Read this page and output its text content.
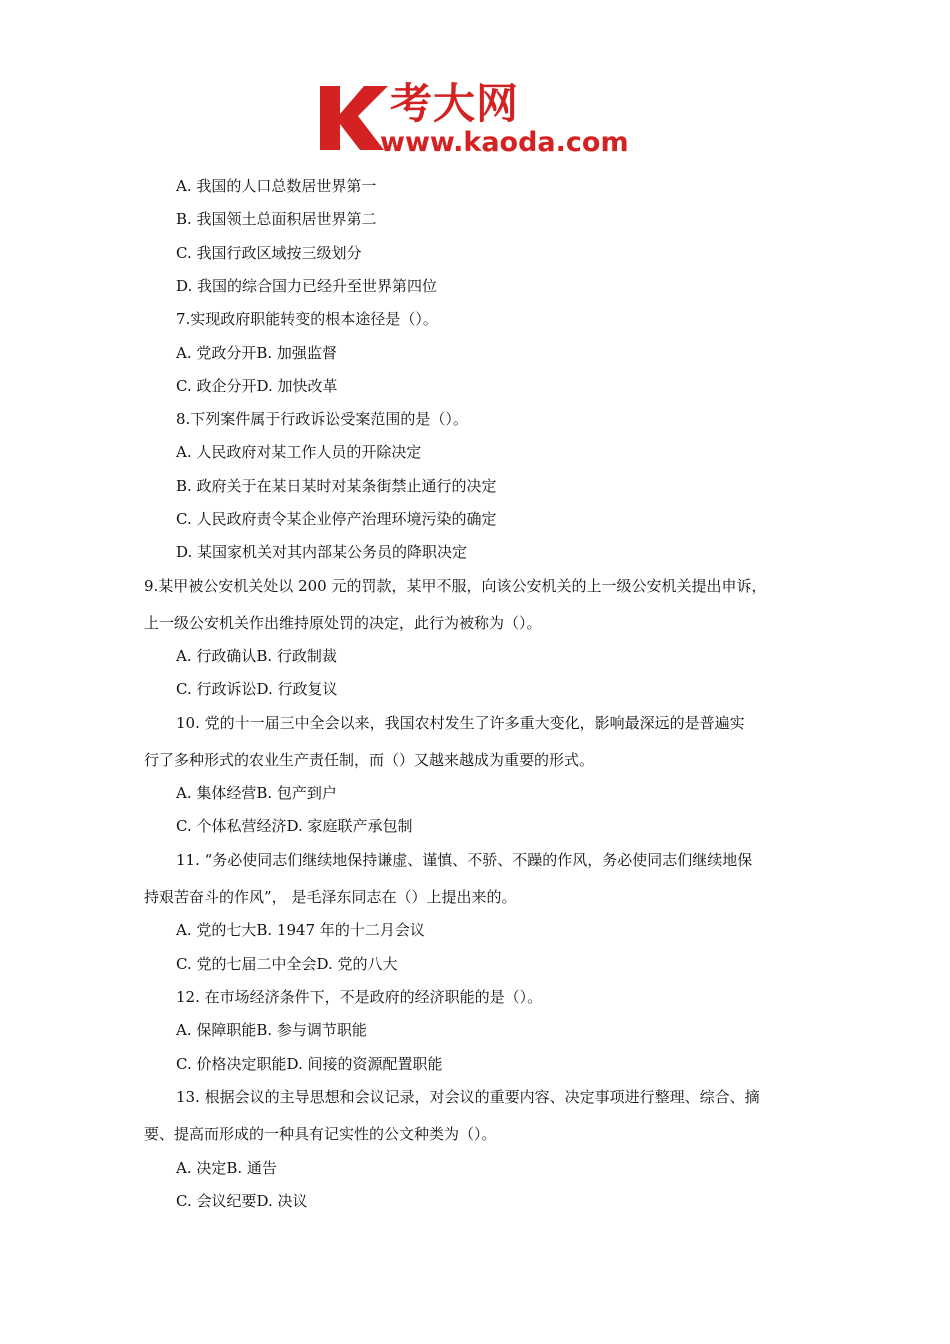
考大网
www.kaoda.com
A. 我国的人口总数居世界第一
B. 我国领土总面积居世界第二
C. 我国行政区域按三级划分
D. 我国的综合国力已经升至世界第四位
7.实现政府职能转变的根本途径是（）。
A. 党政分开B. 加强监督
C. 政企分开D. 加快改革
8.下列案件属于行政诉讼受案范围的是（）。
A. 人民政府对某工作人员的开除决定
B. 政府关于在某日某时对某条街禁止通行的决定
C. 人民政府责令某企业停产治理环境污染的确定
D. 某国家机关对其内部某公务员的降职决定
9.某甲被公安机关处以 200 元的罚款，某甲不服，向该公安机关的上一级公安机关提出申诉，
上一级公安机关作出维持原处罚的决定，此行为被称为（）。
A. 行政确认B. 行政制裁
C. 行政诉讼D. 行政复议
10. 党的十一届三中全会以来，我国农村发生了许多重大变化，影响最深远的是普遍实
行了多种形式的农业生产责任制，而（）又越来越成为重要的形式。
A. 集体经营B. 包产到户
C. 个体私营经济D. 家庭联产承包制
11. “务必使同志们继续地保持谦虚、谨慎、不骄、不躁的作风，务必使同志们继续地保
持艰苦奋斗的作风”， 是毛泽东同志在（）上提出来的。
A. 党的七大B. 1947 年的十二月会议
C. 党的七届二中全会D. 党的八大
12. 在市场经济条件下，不是政府的经济职能的是（）。
A. 保障职能B. 参与调节职能
C. 价格决定职能D. 间接的资源配置职能
13. 根据会议的主导思想和会议记录，对会议的重要内容、决定事项进行整理、综合、摘
要、提高而形成的一种具有记实性的公文种类为（）。
A. 决定B. 通告
C. 会议纪要D. 决议
